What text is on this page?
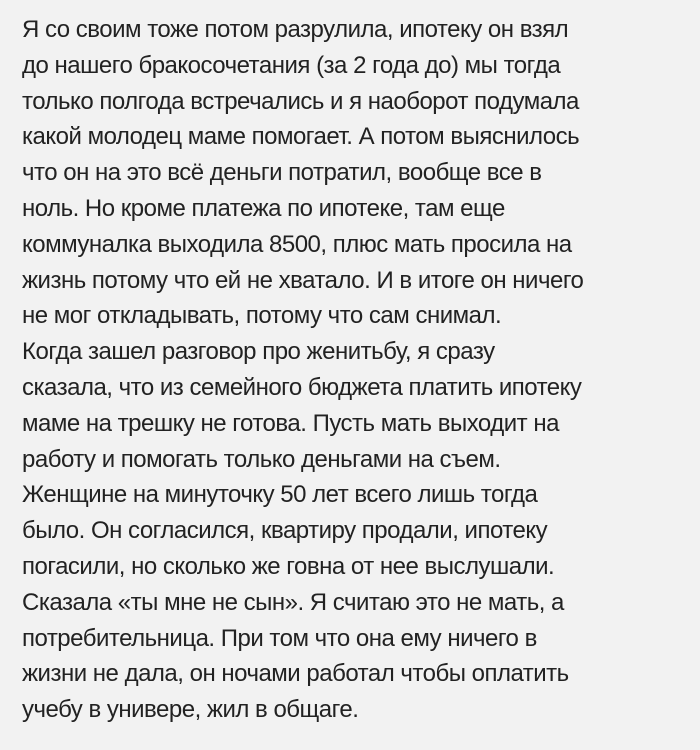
Я со своим тоже потом разрулила, ипотеку он взял
до нашего бракосочетания (за 2 года до) мы тогда
только полгода встречались и я наоборот подумала
какой молодец маме помогает. А потом выяснилось
что он на это всё деньги потратил, вообще все в
ноль. Но кроме платежа по ипотеке, там еще
коммуналка выходила 8500, плюс мать просила на
жизнь потому что ей не хватало. И в итоге он ничего
не мог откладывать, потому что сам снимал.
Когда зашел разговор про женитьбу, я сразу
сказала, что из семейного бюджета платить ипотеку
маме на трешку не готова. Пусть мать выходит на
работу и помогать только деньгами на съем.
Женщине на минуточку 50 лет всего лишь тогда
было. Он согласился, квартиру продали, ипотеку
погасили, но сколько же говна от нее выслушали.
Сказала «ты мне не сын». Я считаю это не мать, а
потребительница. При том что она ему ничего в
жизни не дала, он ночами работал чтобы оплатить
учебу в универе, жил в общаге.
